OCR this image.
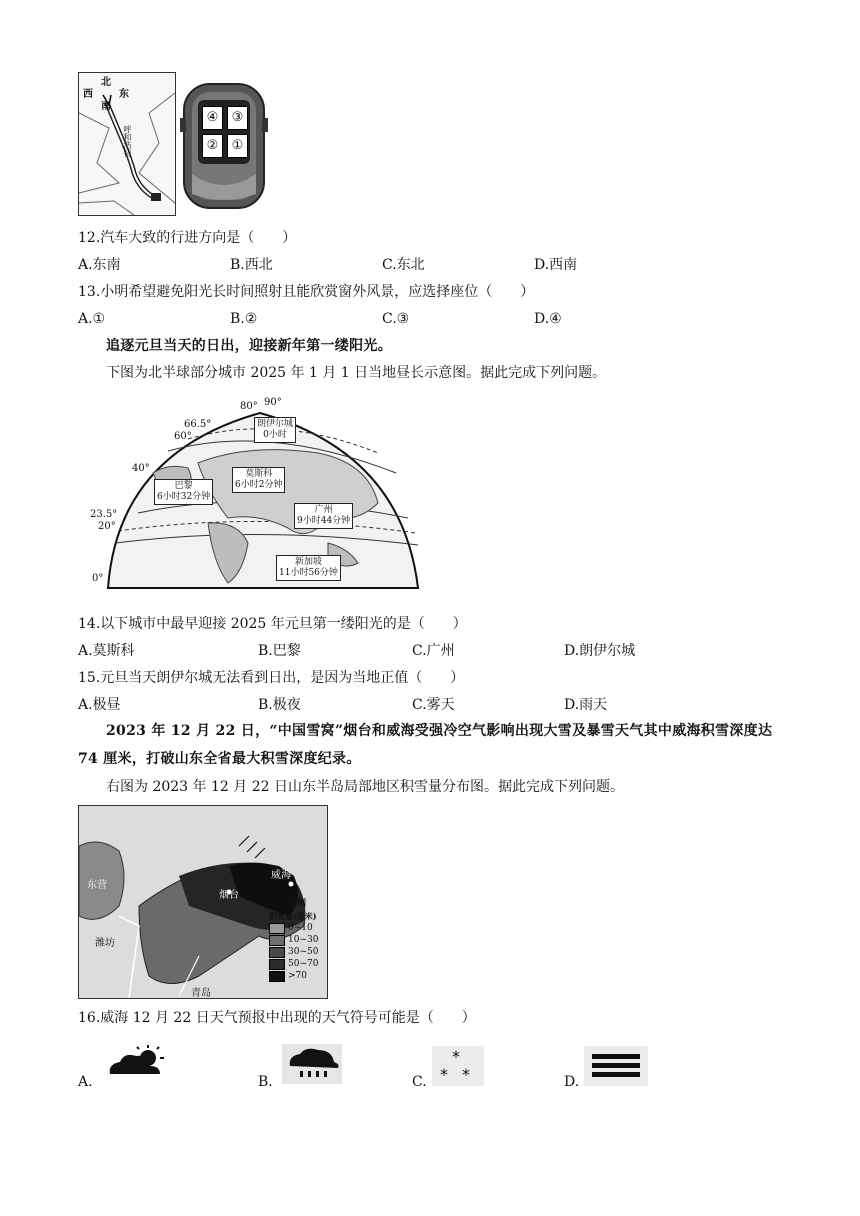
北
西	东
南
呼和浩特
④	③
②	①
12.汽车大致的行进方向是（　　）
A.东南	B.西北	C.东北	D.西南
13.小明希望避免阳光长时间照射且能欣赏窗外风景，应选择座位（　　）
A.①	B.②	C.③	D.④
追逐元旦当天的日出，迎接新年第一缕阳光。
下图为北半球部分城市 2025 年 1 月 1 日当地昼长示意图。据此完成下列问题。
80° 90°
66.5°
60°
40°
23.5°
20°
0°
朗伊尔城
0小时
莫斯科
6小时2分钟
巴黎
6小时32分钟
广州
9小时44分钟
新加坡
11小时56分钟
14.以下城市中最早迎接 2025 年元旦第一缕阳光的是（　　）
A.莫斯科	B.巴黎	C.广州	D.朗伊尔城
15.元旦当天朗伊尔城无法看到日出，是因为当地正值（　　）
A.极昼	B.极夜	C.雾天	D.雨天
2023 年 12 月 22 日，“中国雪窝”烟台和威海受强冷空气影响出现大雪及暴雪天气其中威海积雪深度达 74 厘米，打破山东全省最大积雪深度纪录。
右图为 2023 年 12 月 22 日山东半岛局部地区积雪量分布图。据此完成下列问题。
东营
烟台
威海
潍坊
青岛
图例
积雪量(厘米)
0~10
10~30
30~50
50~70
>70
16.威海 12 月 22 日天气预报中出现的天气符号可能是（　　）
A.	B.	C.
*
* *	D.
